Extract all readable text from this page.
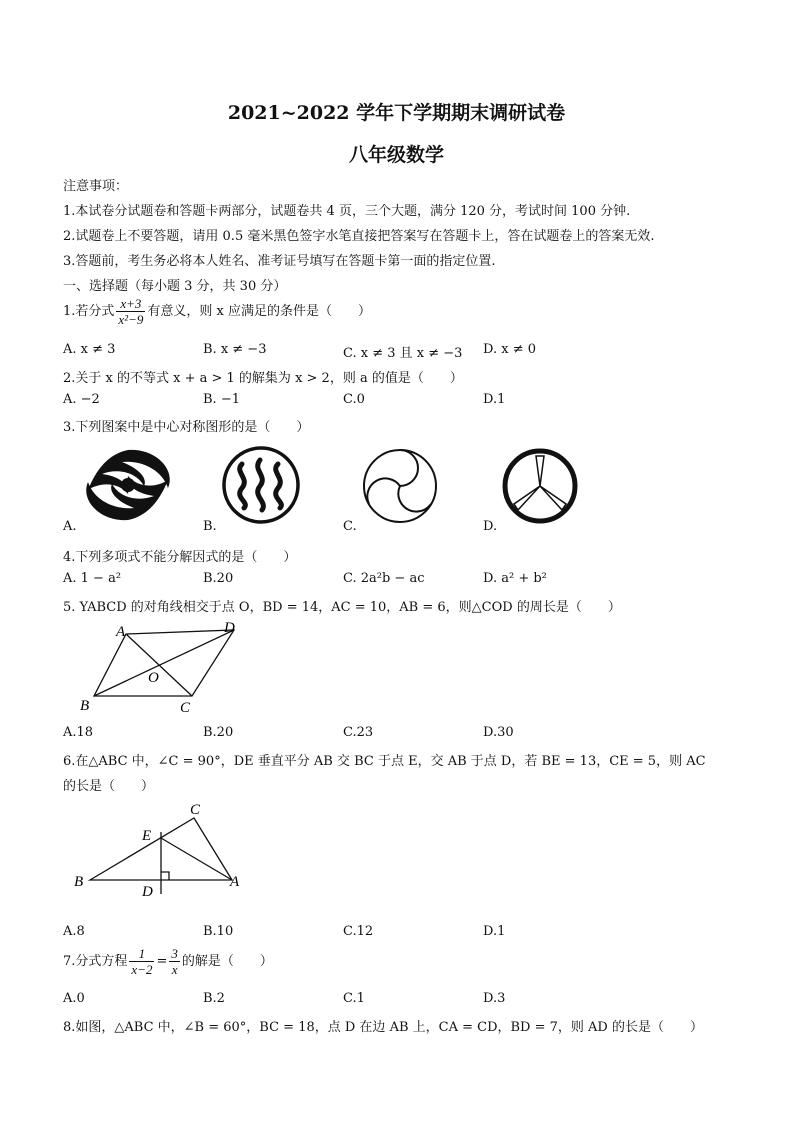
2021~2022 学年下学期期末调研试卷
八年级数学
注意事项：
1.本试卷分试题卷和答题卡两部分，试题卷共 4 页，三个大题，满分 120 分，考试时间 100 分钟.
2.试题卷上不要答题，请用 0.5 毫米黑色签字水笔直接把答案写在答题卡上，答在试题卷上的答案无效.
3.答题前，考生务必将本人姓名、准考证号填写在答题卡第一面的指定位置.
一、选择题（每小题 3 分，共 30 分）
1.若分式 $\frac{x+3}{\text{x²−9}}$ 有意义，则 x 应满足的条件是（　　）
A. x ≠ 3	B. x ≠ −3	C. x ≠ 3 且 x ≠ −3 D. x ≠ 0
2.关于 x 的不等式 x + a > 1 的解集为 x > 2，则 a 的值是（　　）
A. −2	B. −1	C.0	D.1
3.下列图案中是中心对称图形的是（　　）
A.	B.	C.	D.
4.下列多项式不能分解因式的是（　　）
A. 1 − a²	B.20	C. 2a²b − ac	D. a² + b²
5. YABCD 的对角线相交于点 O，BD = 14，AC = 10，AB = 6，则△COD 的周长是（　　）
A	D
B	C
O
A.18	B.20	C.23	D.30
6.在△ABC 中，∠C = 90°，DE 垂直平分 AB 交 BC 于点 E，交 AB 于点 D，若 BE = 13，CE = 5，则 AC
的长是（　　）
B
C
E
D
A
A.8	B.10	C.12	D.1
7.分式方程 $\frac{1}{x-2} = \frac{3}{x}$ 的解是（　　）
A.0	B.2	C.1	D.3
8.如图，△ABC 中，∠B = 60°，BC = 18，点 D 在边 AB 上，CA = CD，BD = 7，则 AD 的长是（　　）
